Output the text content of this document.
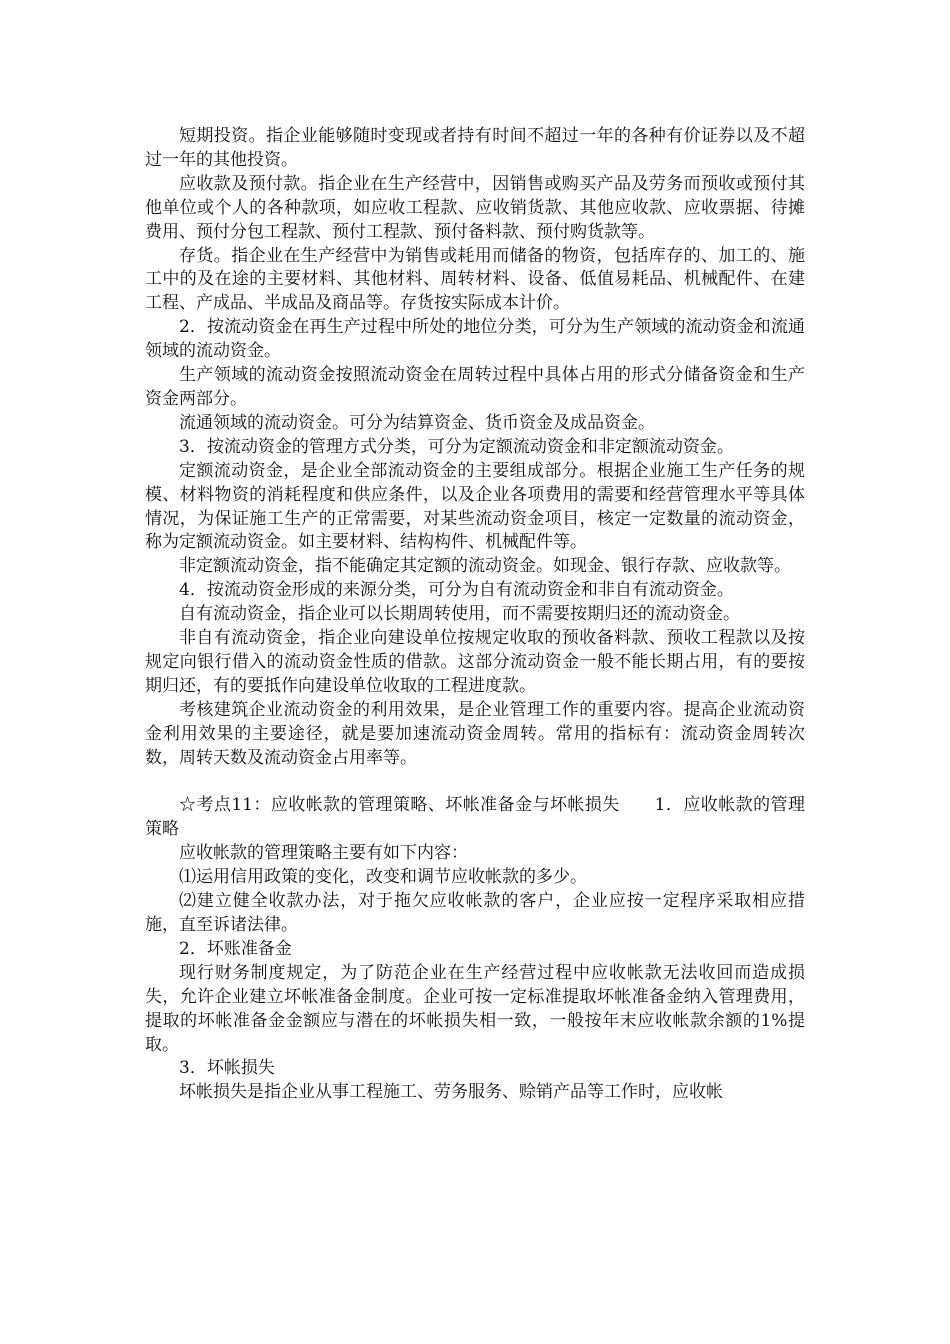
短期投资。指企业能够随时变现或者持有时间不超过一年的各种有价证券以及不超过一年的其他投资。

应收款及预付款。指企业在生产经营中，因销售或购买产品及劳务而预收或预付其他单位或个人的各种款项，如应收工程款、应收销货款、其他应收款、应收票据、待摊费用、预付分包工程款、预付工程款、预付备料款、预付购货款等。

存货。指企业在生产经营中为销售或耗用而储备的物资，包括库存的、加工的、施工中的及在途的主要材料、其他材料、周转材料、设备、低值易耗品、机械配件、在建工程、产成品、半成品及商品等。存货按实际成本计价。

2．按流动资金在再生产过程中所处的地位分类，可分为生产领域的流动资金和流通领域的流动资金。

生产领域的流动资金按照流动资金在周转过程中具体占用的形式分储备资金和生产资金两部分。

流通领域的流动资金。可分为结算资金、货币资金及成品资金。

3．按流动资金的管理方式分类，可分为定额流动资金和非定额流动资金。

定额流动资金，是企业全部流动资金的主要组成部分。根据企业施工生产任务的规模、材料物资的消耗程度和供应条件，以及企业各项费用的需要和经营管理水平等具体情况，为保证施工生产的正常需要，对某些流动资金项目，核定一定数量的流动资金，称为定额流动资金。如主要材料、结构构件、机械配件等。

非定额流动资金，指不能确定其定额的流动资金。如现金、银行存款、应收款等。

4．按流动资金形成的来源分类，可分为自有流动资金和非自有流动资金。

自有流动资金，指企业可以长期周转使用，而不需要按期归还的流动资金。

非自有流动资金，指企业向建设单位按规定收取的预收备料款、预收工程款以及按规定向银行借入的流动资金性质的借款。这部分流动资金一般不能长期占用，有的要按期归还，有的要抵作向建设单位收取的工程进度款。

考核建筑企业流动资金的利用效果，是企业管理工作的重要内容。提高企业流动资金利用效果的主要途径，就是要加速流动资金周转。常用的指标有：流动资金周转次数，周转天数及流动资金占用率等。

☆考点11：应收帐款的管理策略、坏帐准备金与坏帐损失　　1．应收帐款的管理策略

应收帐款的管理策略主要有如下内容：

⑴运用信用政策的变化，改变和调节应收帐款的多少。

⑵建立健全收款办法，对于拖欠应收帐款的客户，企业应按一定程序采取相应措施，直至诉诸法律。

2．坏账准备金

现行财务制度规定，为了防范企业在生产经营过程中应收帐款无法收回而造成损失，允许企业建立坏帐准备金制度。企业可按一定标准提取坏帐准备金纳入管理费用，提取的坏帐准备金金额应与潜在的坏帐损失相一致，一般按年末应收帐款余额的1%提取。

3．坏帐损失

坏帐损失是指企业从事工程施工、劳务服务、赊销产品等工作时，应收帐
